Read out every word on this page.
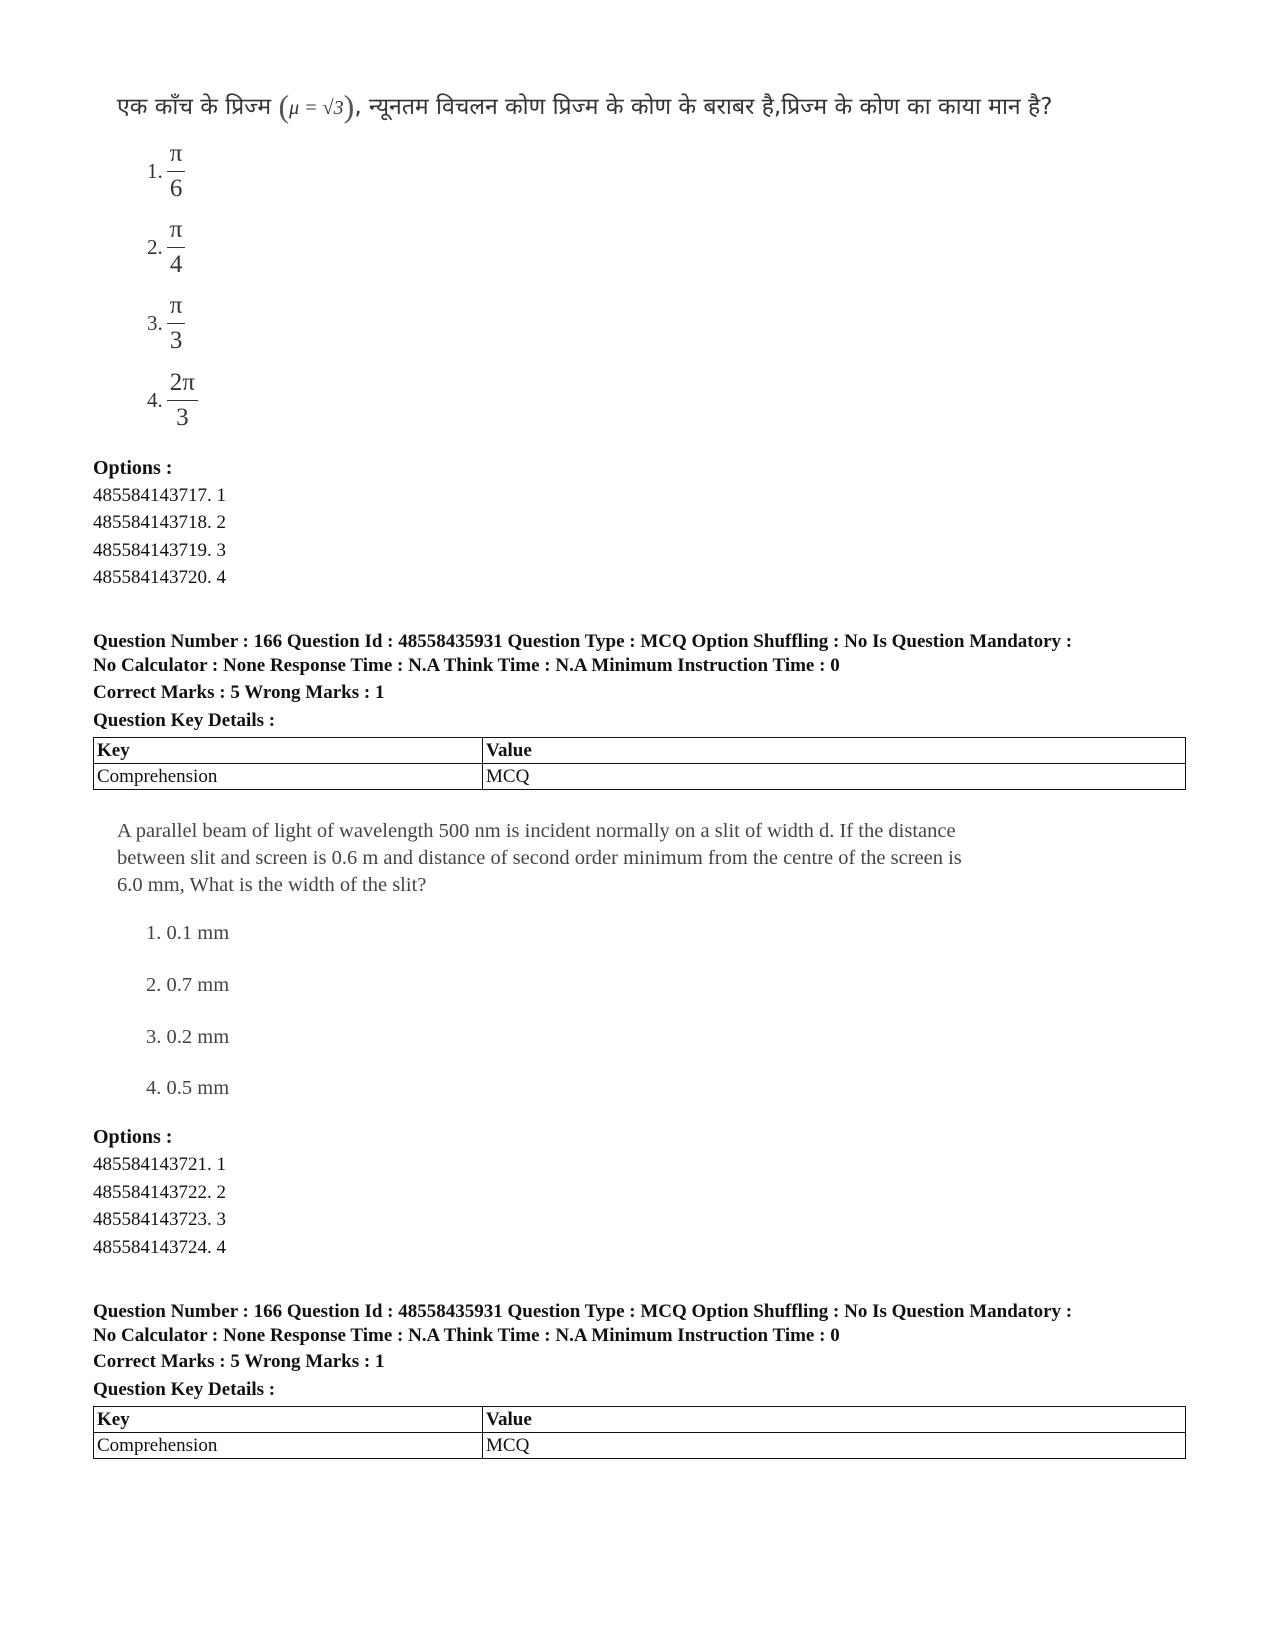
एक काँच के प्रिज्म (μ = √3), न्यूनतम विचलन कोण प्रिज्म के कोण के बराबर है,प्रिज्म के कोण का काया मान है?
1. $\frac{\pi}{6}$
2. $\frac{\pi}{4}$
3. $\frac{\pi}{3}$
4. $\frac{2\pi}{3}$
Options :
485584143717. 1
485584143718. 2
485584143719. 3
485584143720. 4
Question Number : 166 Question Id : 48558435931 Question Type : MCQ Option Shuffling : No Is Question Mandatory :
No Calculator : None Response Time : N.A Think Time : N.A Minimum Instruction Time : 0
Correct Marks : 5 Wrong Marks : 1
Question Key Details :
Key	Value
Comprehension	MCQ
A parallel beam of light of wavelength 500 nm is incident normally on a slit of width d. If the distance
between slit and screen is 0.6 m and distance of second order minimum from the centre of the screen is
6.0 mm, What is the width of the slit?
1. 0.1 mm
2. 0.7 mm
3. 0.2 mm
4. 0.5 mm
Options :
485584143721. 1
485584143722. 2
485584143723. 3
485584143724. 4
Question Number : 166 Question Id : 48558435931 Question Type : MCQ Option Shuffling : No Is Question Mandatory :
No Calculator : None Response Time : N.A Think Time : N.A Minimum Instruction Time : 0
Correct Marks : 5 Wrong Marks : 1
Question Key Details :
Key	Value
Comprehension	MCQ
